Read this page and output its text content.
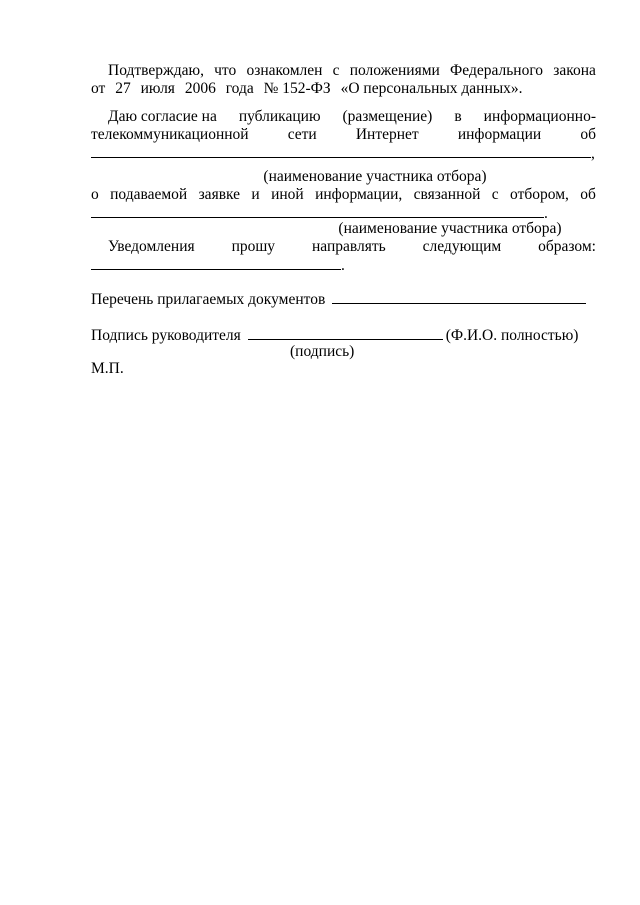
Подтверждаю, что ознакомлен с положениями Федерального закона
от 27 июля 2006 года № 152-ФЗ «О персональных данных».
Даю согласие на публикацию (размещение) в информационно-
телекоммуникационной	сети	Интернет	информации	об
,
(наименование участника отбора)
о подаваемой заявке и иной информации, связанной с отбором, об
.
(наименование участника отбора)
Уведомления прошу направлять следующим образом:
.
Перечень прилагаемых документов
Подпись руководителя	(Ф.И.О. полностью)
(подпись)
М.П.
